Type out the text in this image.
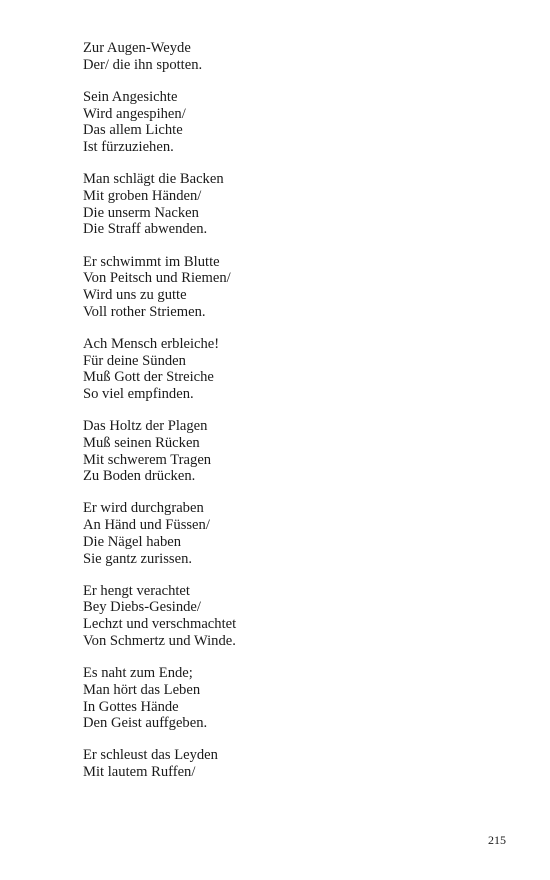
Zur Augen-Weyde
Der/ die ihn spotten.
Sein Angesichte
Wird angespihen/
Das allem Lichte
Ist fürzuziehen.
Man schlägt die Backen
Mit groben Händen/
Die unserm Nacken
Die Straff abwenden.
Er schwimmt im Blutte
Von Peitsch und Riemen/
Wird uns zu gutte
Voll rother Striemen.
Ach Mensch erbleiche!
Für deine Sünden
Muß Gott der Streiche
So viel empfinden.
Das Holtz der Plagen
Muß seinen Rücken
Mit schwerem Tragen
Zu Boden drücken.
Er wird durchgraben
An Händ und Füssen/
Die Nägel haben
Sie gantz zurissen.
Er hengt verachtet
Bey Diebs-Gesinde/
Lechzt und verschmachtet
Von Schmertz und Winde.
Es naht zum Ende;
Man hört das Leben
In Gottes Hände
Den Geist auffgeben.
Er schleust das Leyden
Mit lautem Ruffen/
215
